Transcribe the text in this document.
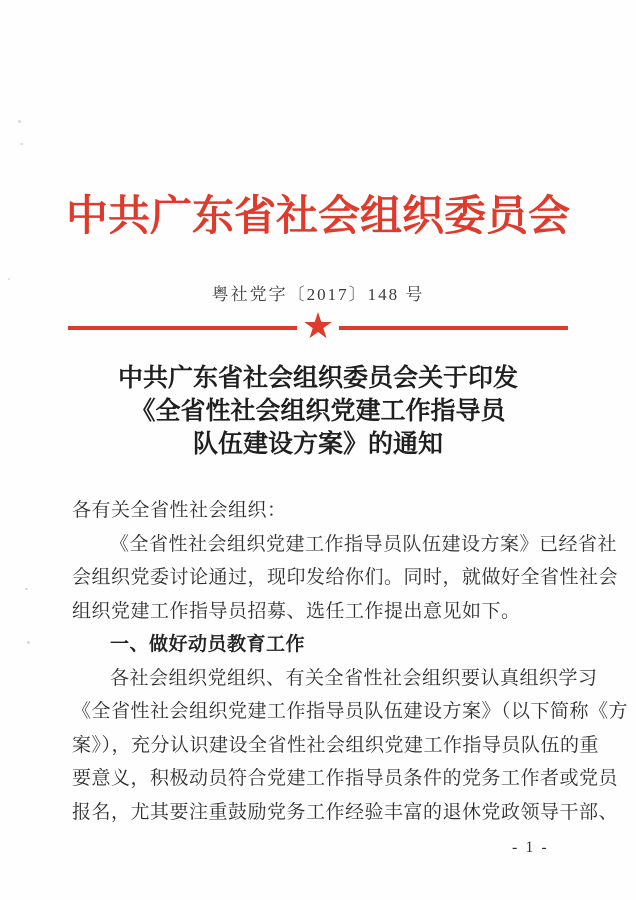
中共广东省社会组织委员会
粤社党字〔2017〕148 号
★
中共广东省社会组织委员会关于印发
《全省性社会组织党建工作指导员
队伍建设方案》的通知
各有关全省性社会组织：
《全省性社会组织党建工作指导员队伍建设方案》已经省社
会组织党委讨论通过，现印发给你们。同时，就做好全省性社会
组织党建工作指导员招募、选任工作提出意见如下。
一、做好动员教育工作
各社会组织党组织、有关全省性社会组织要认真组织学习
《全省性社会组织党建工作指导员队伍建设方案》（以下简称《方
案》），充分认识建设全省性社会组织党建工作指导员队伍的重
要意义，积极动员符合党建工作指导员条件的党务工作者或党员
报名，尤其要注重鼓励党务工作经验丰富的退休党政领导干部、
- 1 -
